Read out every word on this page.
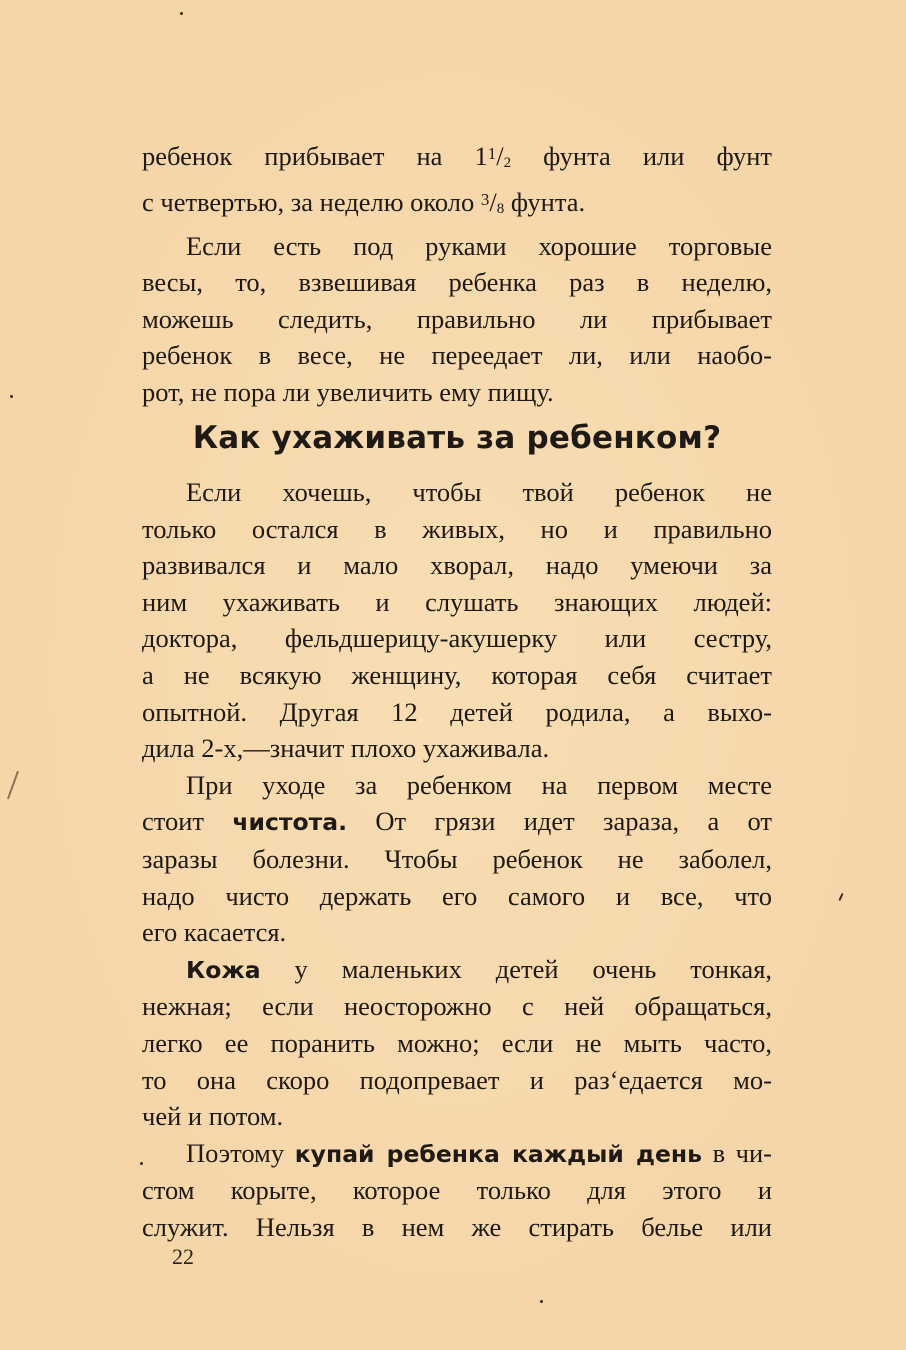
ребенок прибывает на $1^1/2$ фунта или фунт

с четвертью, за неделю около $^3$/8 фунта.

Если есть под руками хорошие торговые

весы, то, взвешивая ребенка раз в неделю,

можешь следить, правильно ли прибывает

ребенок в весе, не переедает ли, или наобо-

рот, не пора ли увеличить ему пищу.

Как ухаживать за ребенком?

Если хочешь, чтобы твой ребенок не

только остался в живых, но и правильно

развивался и мало хворал, надо умеючи за

ним ухаживать и слушать знающих людей:

доктора, фельдшерицу-акушерку или сестру,

а не всякую женщину, которая себя считает

опытной. Другая 12 детей родила, а выхо-

дила 2-х,—значит плохо ухаживала.

При уходе за ребенком на первом месте

стоит чистота. От грязи идет зараза, а от

заразы болезни. Чтобы ребенок не заболел,

надо чисто держать его самого и все, что

его касается.

Кожа у маленьких детей очень тонкая,

нежная; если неосторожно с ней обращаться,

легко ее поранить можно; если не мыть часто,

то она скоро подопревает и раз‘едается мо-

чей и потом.

Поэтому купай ребенка каждый день в чи-

стом корыте, которое только для этого и

служит. Нельзя в нем же стирать белье или

22
